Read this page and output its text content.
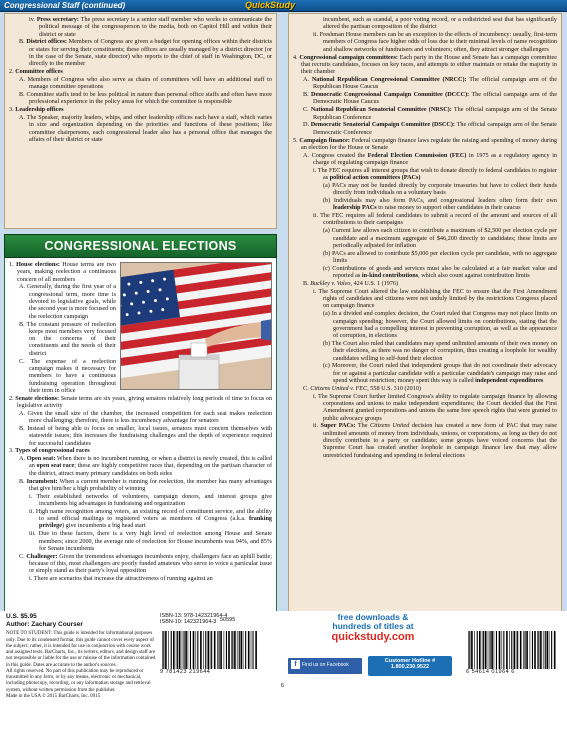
Congressional Staff (continued)	QuickStudy
iv. Press secretary: The press secretary is a senior staff member who works to communicate the political message of the congressperson to the media, both on Capitol Hill and within their district or state
B. District offices: Members of Congress are given a budget for opening offices within their districts or states for serving their constituents; these offices are usually managed by a district director (or in the case of the Senate, state director) who reports to the chief of staff in Washington, DC, or directly to the member
2. Committee offices
A. Members of Congress who also serve as chairs of committees will have an additional staff to manage committee operations
B. Committee staffs tend to be less political in nature than personal office staffs and often have more professional experience in the policy areas for which the committee is responsible
3. Leadership offices
A. The Speaker, majority leaders, whips, and other leadership offices each have a staff, which varies in size and organization depending on the priorities and functions of these positions; like committee chairpersons, each congressional leader also has a personal office that manages the affairs of their district or state
CONGRESSIONAL ELECTIONS
1. House elections: House terms are two years, making reelection a continuous concern of all members
A. Generally, during the first year of a congressional term, more time is devoted to legislative goals, while the second year is more focused on the reelection campaign
B. The constant pressure of reelection keeps most members very focused on the concerns of their constituents and the needs of their district
C. The expense of a reelection campaign makes it necessary for members to have a continuous fundraising operation throughout their term in office
2. Senate elections: Senate terms are six years, giving senators relatively long periods of time to focus on legislative activity
A. Given the small size of the chamber, the increased competition for each seat makes reelection more challenging; therefore, there is less incumbency advantage for senators
B. Instead of being able to focus on smaller, local issues, senators must concern themselves with statewide issues; this increases the fundraising challenges and the depth of experience required for successful candidates
3. Types of congressional races
A. Open seat: When there is no incumbent running, or when a district is newly created, this is called an open seat race; these are highly competitive races that, depending on the partisan character of the district, attract many primary candidates on both sides
B. Incumbent: When a current member is running for reelection, the member has many advantages that give him/her a high probability of winning
i. Their established networks of volunteers, campaign donors, and interest groups give incumbents big advantages in fundraising and organization
ii. High name recognition among voters, an existing record of constituent service, and the ability to send official mailings to registered voters as members of Congress (a.k.a. franking privilege) give incumbents a big head start
iii. Due to these factors, there is a very high level of reelection among House and Senate members; since 2000, the average rate of reelection for House incumbents was 94%, and 85% for Senate incumbents
C. Challenger: Given the tremendous advantages incumbents enjoy, challengers face an uphill battle; because of this, most challengers are poorly funded amateurs who serve to voice a particular issue or simply stand as their party's loyal opposition
i. There are scenarios that increase the attractiveness of running against an
incumbent, such as scandal, a poor voting record, or a redistricted seat that has significantly altered the partisan composition of the district
ii. Freshman House members can be an exception to the effects of incumbency: usually, first-term members of Congress face higher odds of loss due to their minimal levels of name recognition and shallow networks of fundraisers and volunteers; often, they attract stronger challengers
4. Congressional campaign committees: Each party in the House and Senate has a campaign committee that recruits candidates, focuses on key races, and attempts to either maintain or retake the majority in their chamber
A. National Republican Congressional Committee (NRCC): The official campaign arm of the Republican House Caucus
B. Democratic Congressional Campaign Committee (DCCC): The official campaign arm of the Democratic House Caucus
C. National Republican Senatorial Committee (NRSC): The official campaign arm of the Senate Republican Conference
D. Democratic Senatorial Campaign Committee (DSCC): The official campaign arm of the Senate Democratic Conference
5. Campaign finance: Federal campaign finance laws regulate the raising and spending of money during an election for the House or Senate
A. Congress created the Federal Election Commission (FEC) in 1975 as a regulatory agency in charge of regulating campaign finance
i. The FEC requires all interest groups that wish to donate directly to federal candidates to register as political action committees (PACs)
(a) PACs may not be funded directly by corporate treasuries but have to collect their funds directly from individuals on a voluntary basis
(b) Individuals may also form PACs, and congressional leaders often form their own leadership PACs to raise money to support other candidates in their caucus
ii. The FEC requires all federal candidates to submit a record of the amount and sources of all contributions to their campaigns
(a) Current law allows each citizen to contribute a maximum of $2,500 per election cycle per candidate and a maximum aggregate of $46,200 directly to candidates; these limits are periodically adjusted for inflation
(b) PACs are allowed to contribute $5,000 per election cycle per candidate, with no aggregate limits
(c) Contributions of goods and services must also be calculated at a fair market value and reported as in-kind contributions, which also count against contribution limits
B. Buckley v. Valeo, 424 U.S. 1 (1976)
i. The Supreme Court altered the law establishing the FEC to ensure that the First Amendment rights of candidates and citizens were not unduly limited by the restrictions Congress placed on campaign finance
(a) In a divided and complex decision, the Court ruled that Congress may not place limits on campaign spending; however, the Court allowed limits on contributions, stating that the government had a compelling interest in preventing corruption, as well as the appearance of corruption, in elections
(b) The Court also ruled that candidates may spend unlimited amounts of their own money on their elections, as there was no danger of corruption, thus creating a loophole for wealthy candidates willing to self-fund their election
(c) Moreover, the Court ruled that independent groups that do not coordinate their advocacy for or against a particular candidate with a particular candidate's campaign may raise and spend without restriction; money spent this way is called independent expenditures
C. Citizens United v. FEC, 558 U.S. 310 (2010)
i. The Supreme Court further limited Congress's ability to regulate campaign finance by allowing corporations and unions to make independent expenditures; the Court decided that the First Amendment granted corporations and unions the same free speech rights that were granted to public advocacy groups
ii. Super PACs: The Citizens United decision has created a new form of PAC that may raise unlimited amounts of money from individuals, unions, or corporations, as long as they do not directly contribute to a party or candidate; some groups have voiced concerns that the Supreme Court has created another loophole in campaign finance law that may allow unrestricted fundraising and spending in federal elections
U.S. $5.95
Author: Zachary Courser
NOTE TO STUDENT: This guide is intended for informational purposes only. Due to its condensed format, this guide cannot cover every aspect of the subject; rather, it is intended for use in conjunction with course work and assigned texts. BarCharts, Inc., its writers, editors, and design staff are not responsible or liable for the use or misuse of the information contained in this guide. Dates are accurate to the author's sources.
All rights reserved. No part of this publication may be reproduced or transmitted in any form, or by any means, electronic or mechanical, including photocopy, recording, or any information storage and retrieval system, without written permission from the publisher.
Made in the USA © 2015 BarCharts, Inc. 0915
ISBN-13: 978-142321964-4
ISBN-10: 142321964-3 50595
9 781423 219644
free downloads &
hundreds of titles at
quickstudy.com
f Find us on Facebook
Customer Hotline #
1.800.230.9522
6 54614 01964 6
6
